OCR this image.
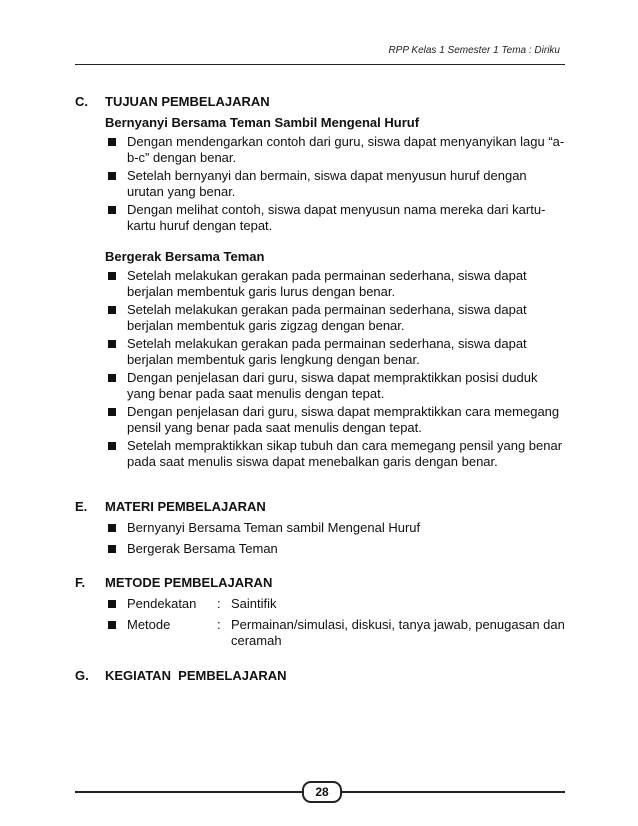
RPP Kelas 1 Semester 1 Tema : Diriku
C.	TUJUAN PEMBELAJARAN
Bernyanyi Bersama Teman Sambil Mengenal Huruf
Dengan mendengarkan contoh dari guru, siswa dapat menyanyikan lagu “a-b-c” dengan benar.
Setelah bernyanyi dan bermain, siswa dapat menyusun huruf dengan urutan yang benar.
Dengan melihat contoh, siswa dapat menyusun nama mereka dari kartu-kartu huruf dengan tepat.
Bergerak Bersama Teman
Setelah melakukan gerakan pada permainan sederhana, siswa dapat berjalan membentuk garis lurus dengan benar.
Setelah melakukan gerakan pada permainan sederhana, siswa dapat berjalan membentuk garis zigzag dengan benar.
Setelah melakukan gerakan pada permainan sederhana, siswa dapat berjalan membentuk garis lengkung dengan benar.
Dengan penjelasan dari guru, siswa dapat mempraktikkan posisi duduk yang benar pada saat menulis dengan tepat.
Dengan penjelasan dari guru, siswa dapat mempraktikkan cara memegang pensil yang benar pada saat menulis dengan tepat.
Setelah mempraktikkan sikap tubuh dan cara memegang pensil yang benar pada saat menulis siswa dapat menebalkan garis dengan benar.
E.	MATERI PEMBELAJARAN
Bernyanyi Bersama Teman sambil Mengenal Huruf
Bergerak Bersama Teman
F.	METODE PEMBELAJARAN
Pendekatan	: Saintifik
Metode	: Permainan/simulasi, diskusi, tanya jawab, penugasan dan ceramah
G.	KEGIATAN  PEMBELAJARAN
28
